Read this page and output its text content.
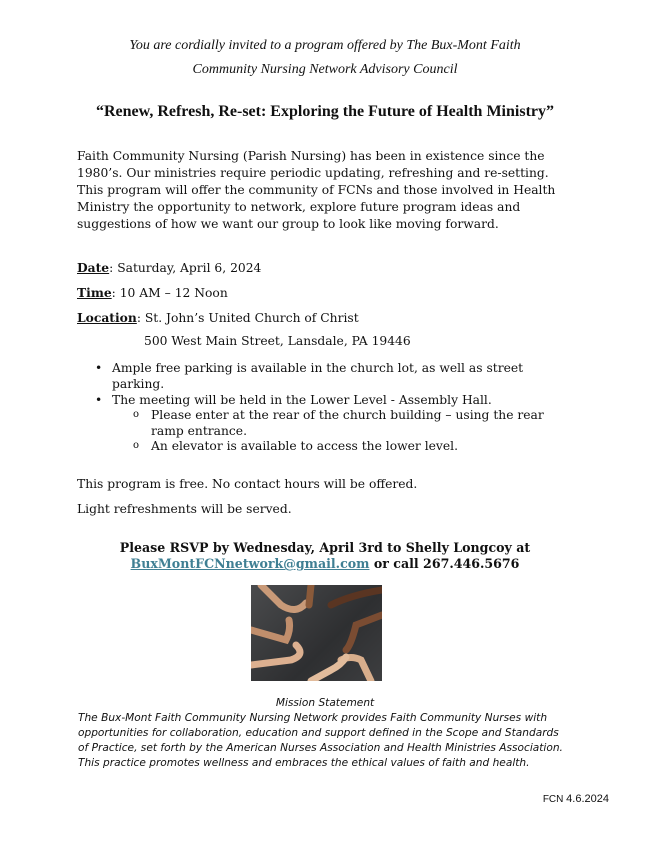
You are cordially invited to a program offered by The Bux-Mont Faith
Community Nursing Network Advisory Council
“Renew, Refresh, Re-set: Exploring the Future of Health Ministry”
Faith Community Nursing (Parish Nursing) has been in existence since the
1980’s. Our ministries require periodic updating, refreshing and re-setting.
This program will offer the community of FCNs and those involved in Health
Ministry the opportunity to network, explore future program ideas and
suggestions of how we want our group to look like moving forward.
Date: Saturday, April 6, 2024
Time: 10 AM – 12 Noon
Location: St. John’s United Church of Christ
500 West Main Street, Lansdale, PA 19446
• Ample free parking is available in the church lot, as well as street
parking.
• The meeting will be held in the Lower Level - Assembly Hall.
o Please enter at the rear of the church building – using the rear
ramp entrance.
o An elevator is available to access the lower level.
This program is free. No contact hours will be offered.
Light refreshments will be served.
Please RSVP by Wednesday, April 3rd to Shelly Longcoy at
BuxMontFCNnetwork@gmail.com or call 267.446.5676
Mission Statement
The Bux-Mont Faith Community Nursing Network provides Faith Community Nurses with
opportunities for collaboration, education and support defined in the Scope and Standards
of Practice, set forth by the American Nurses Association and Health Ministries Association.
This practice promotes wellness and embraces the ethical values of faith and health.
FCN 4.6.2024
